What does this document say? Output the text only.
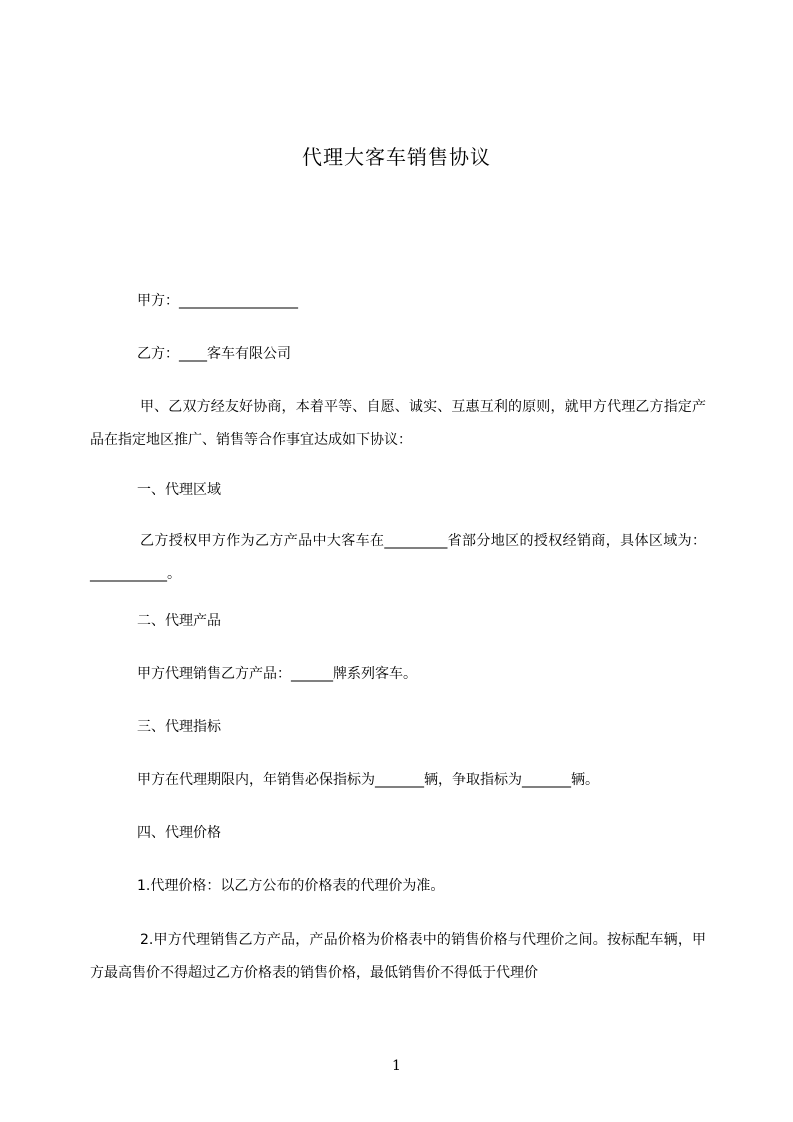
代理大客车销售协议
甲方：_________________
乙方：____客车有限公司
甲、乙双方经友好协商，本着平等、自愿、诚实、互惠互利的原则，就甲方代理乙方指定产品在指定地区推广、销售等合作事宜达成如下协议：
一、代理区域
乙方授权甲方作为乙方产品中大客车在_________省部分地区的授权经销商，具体区域为：___________。
二、代理产品
甲方代理销售乙方产品：______牌系列客车。
三、代理指标
甲方在代理期限内，年销售必保指标为_______辆，争取指标为_______辆。
四、代理价格
1.代理价格：以乙方公布的价格表的代理价为准。
2.甲方代理销售乙方产品，产品价格为价格表中的销售价格与代理价之间。按标配车辆，甲方最高售价不得超过乙方价格表的销售价格，最低销售价不得低于代理价
1
